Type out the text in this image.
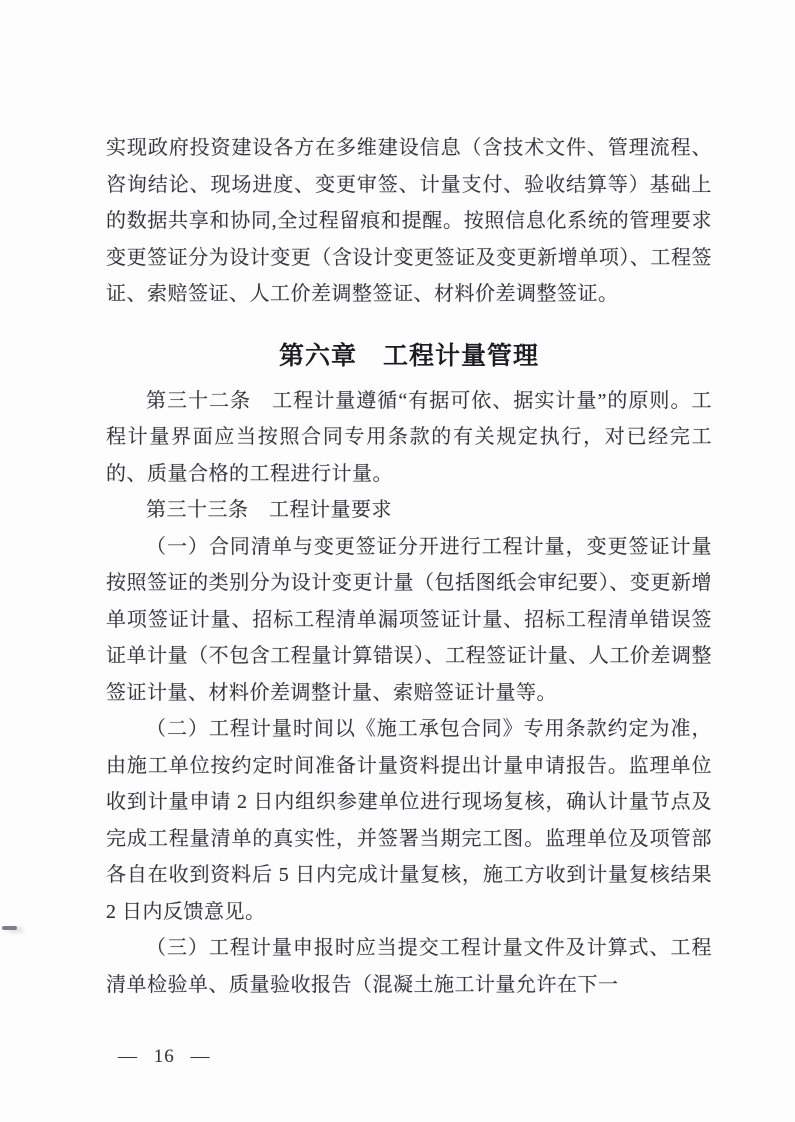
实现政府投资建设各方在多维建设信息（含技术文件、管理流程、咨询结论、现场进度、变更审签、计量支付、验收结算等）基础上的数据共享和协同,全过程留痕和提醒。按照信息化系统的管理要求变更签证分为设计变更（含设计变更签证及变更新增单项）、工程签证、索赔签证、人工价差调整签证、材料价差调整签证。

第六章　工程计量管理

第三十二条　工程计量遵循“有据可依、据实计量”的原则。工程计量界面应当按照合同专用条款的有关规定执行，对已经完工的、质量合格的工程进行计量。

第三十三条　工程计量要求

（一）合同清单与变更签证分开进行工程计量，变更签证计量按照签证的类别分为设计变更计量（包括图纸会审纪要）、变更新增单项签证计量、招标工程清单漏项签证计量、招标工程清单错误签证单计量（不包含工程量计算错误）、工程签证计量、人工价差调整签证计量、材料价差调整计量、索赔签证计量等。

（二）工程计量时间以《施工承包合同》专用条款约定为准，由施工单位按约定时间准备计量资料提出计量申请报告。监理单位收到计量申请 2 日内组织参建单位进行现场复核，确认计量节点及完成工程量清单的真实性，并签署当期完工图。监理单位及项管部各自在收到资料后 5 日内完成计量复核，施工方收到计量复核结果 2 日内反馈意见。

（三）工程计量申报时应当提交工程计量文件及计算式、工程清单检验单、质量验收报告（混凝土施工计量允许在下一

— 16 —
